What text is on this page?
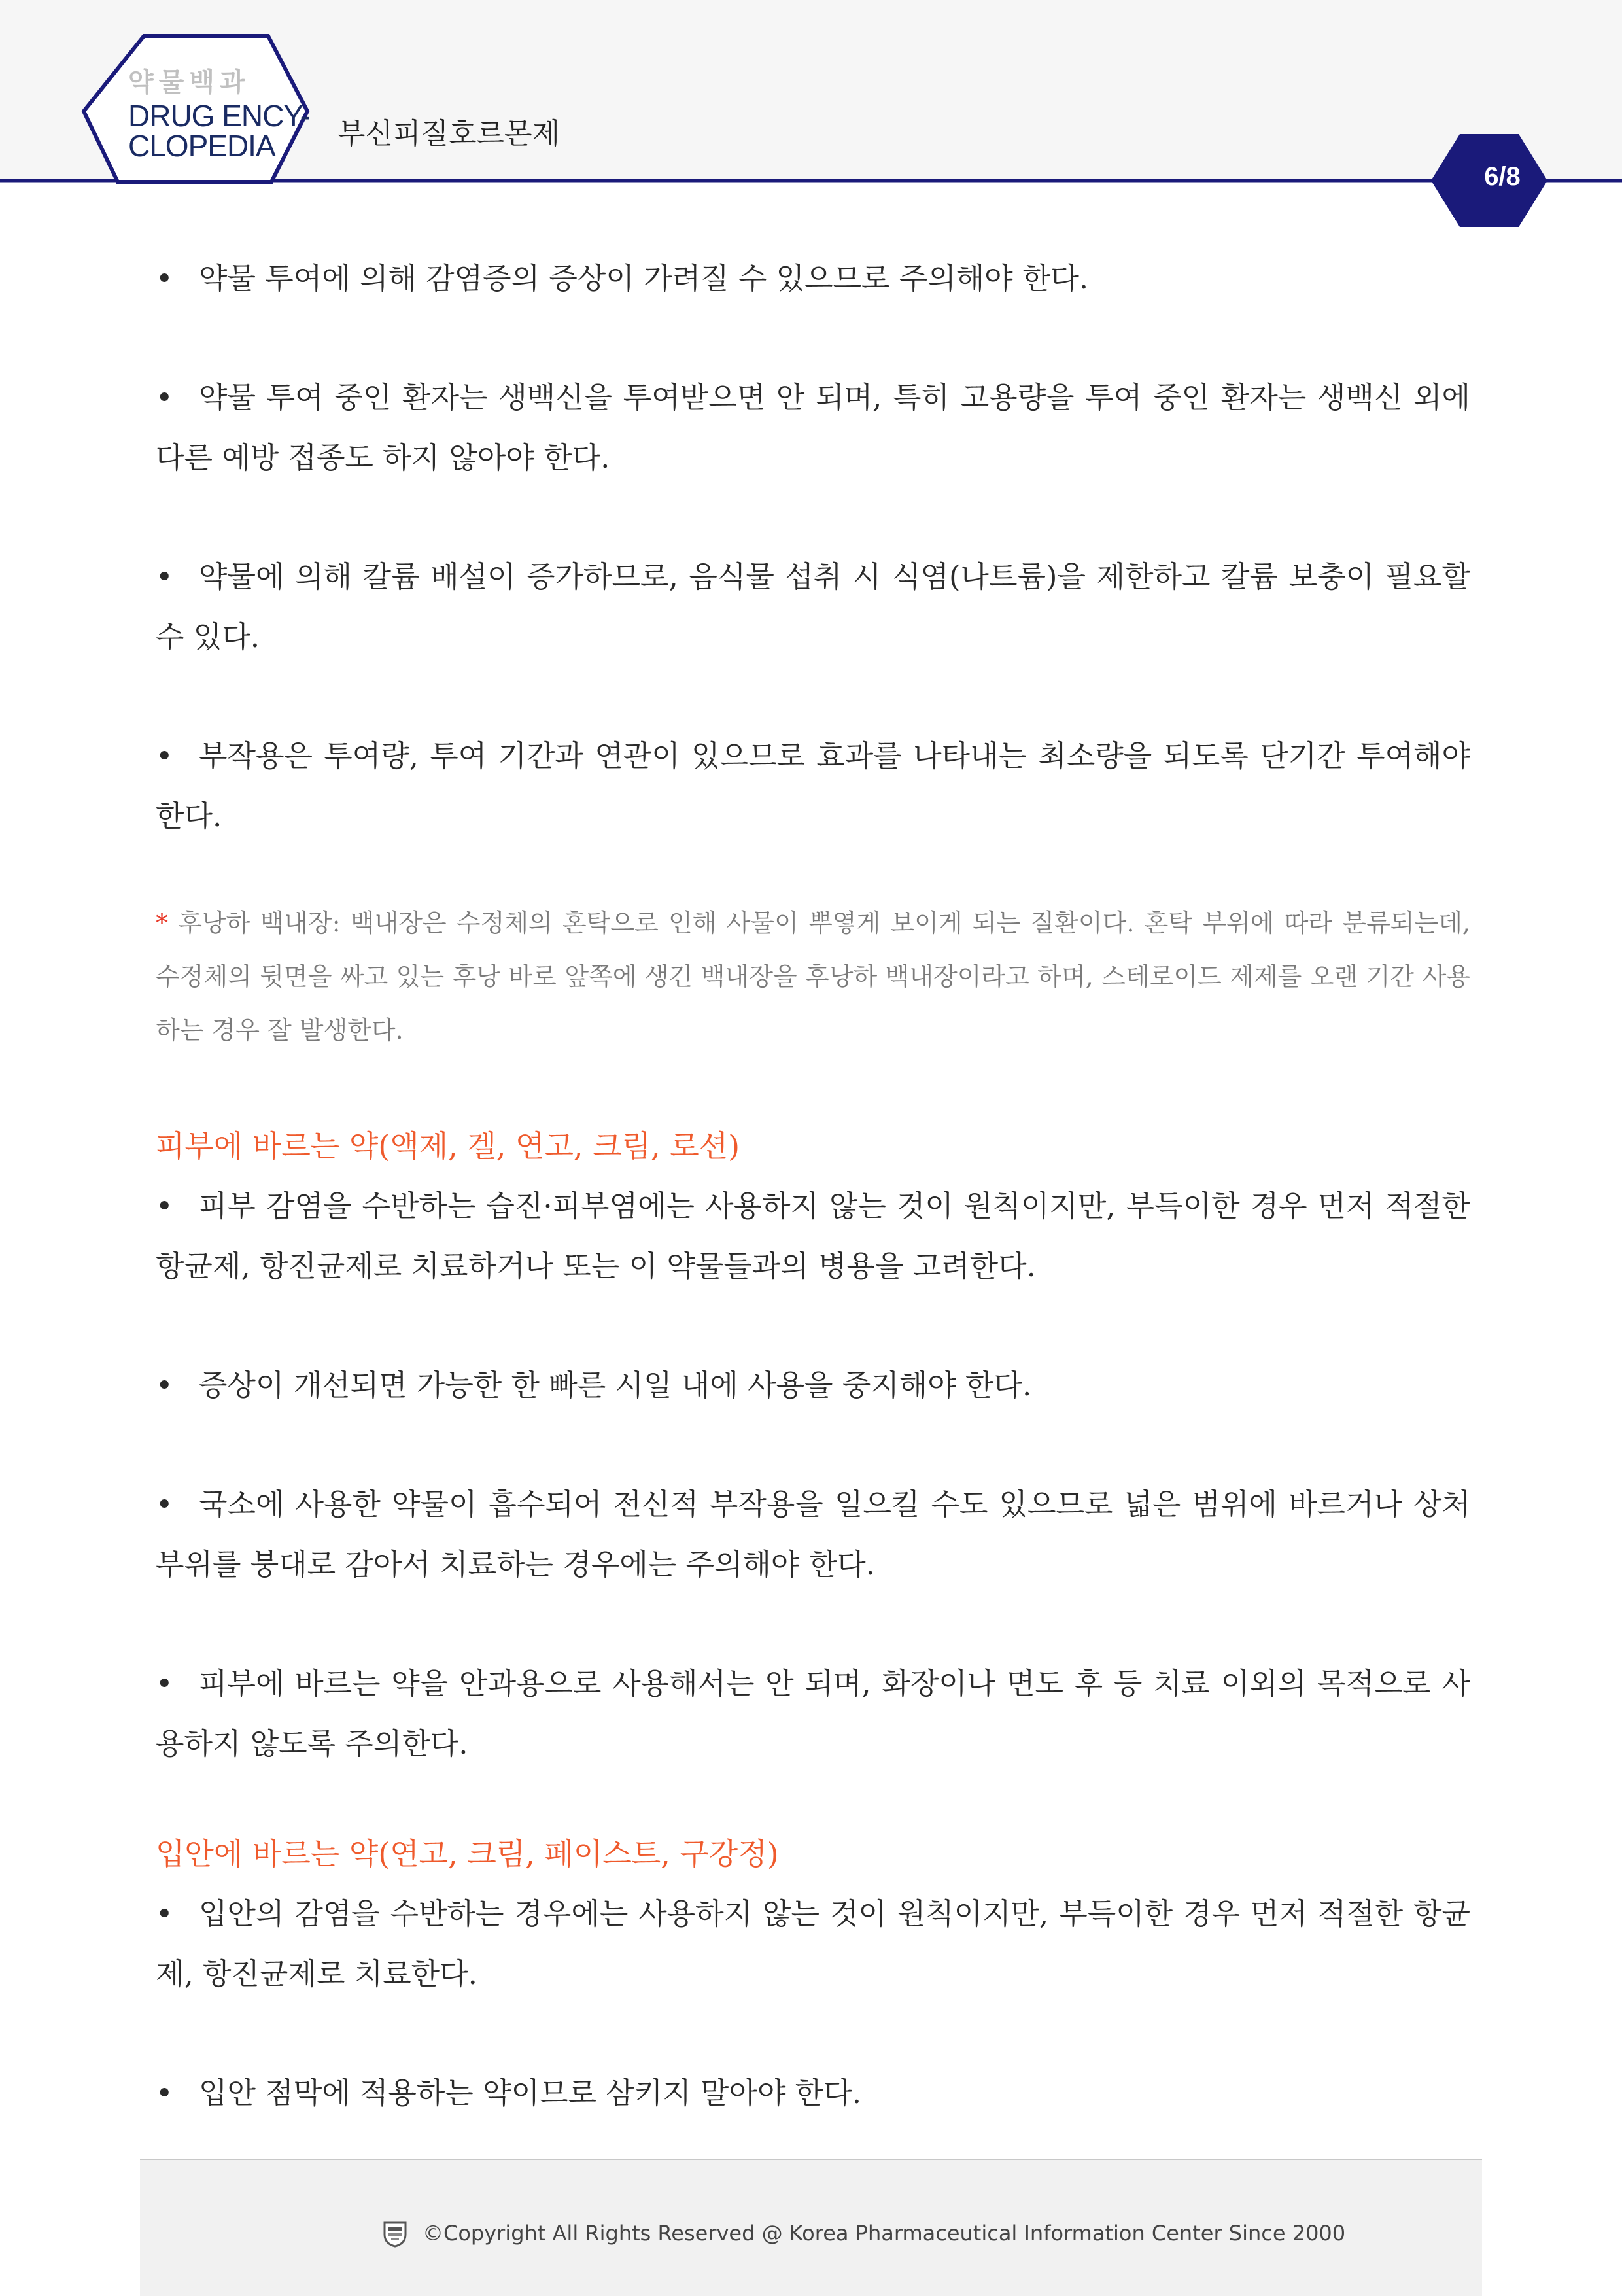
약물백과
DRUG ENCY-
CLOPEDIA	부신피질호르몬제
6/8

• 약물 투여에 의해 감염증의 증상이 가려질 수 있으므로 주의해야 한다.

• 약물 투여 중인 환자는 생백신을 투여받으면 안 되며, 특히 고용량을 투여 중인 환자는 생백신 외에 다른 예방 접종도 하지 않아야 한다.

• 약물에 의해 칼륨 배설이 증가하므로, 음식물 섭취 시 식염(나트륨)을 제한하고 칼륨 보충이 필요할 수 있다.

• 부작용은 투여량, 투여 기간과 연관이 있으므로 효과를 나타내는 최소량을 되도록 단기간 투여해야 한다.

* 후낭하 백내장: 백내장은 수정체의 혼탁으로 인해 사물이 뿌옇게 보이게 되는 질환이다. 혼탁 부위에 따라 분류되는데, 수정체의 뒷면을 싸고 있는 후낭 바로 앞쪽에 생긴 백내장을 후낭하 백내장이라고 하며, 스테로이드 제제를 오랜 기간 사용하는 경우 잘 발생한다.

피부에 바르는 약(액제, 겔, 연고, 크림, 로션)

• 피부 감염을 수반하는 습진·피부염에는 사용하지 않는 것이 원칙이지만, 부득이한 경우 먼저 적절한 항균제, 항진균제로 치료하거나 또는 이 약물들과의 병용을 고려한다.

• 증상이 개선되면 가능한 한 빠른 시일 내에 사용을 중지해야 한다.

• 국소에 사용한 약물이 흡수되어 전신적 부작용을 일으킬 수도 있으므로 넓은 범위에 바르거나 상처 부위를 붕대로 감아서 치료하는 경우에는 주의해야 한다.

• 피부에 바르는 약을 안과용으로 사용해서는 안 되며, 화장이나 면도 후 등 치료 이외의 목적으로 사용하지 않도록 주의한다.

입안에 바르는 약(연고, 크림, 페이스트, 구강정)

• 입안의 감염을 수반하는 경우에는 사용하지 않는 것이 원칙이지만, 부득이한 경우 먼저 적절한 항균제, 항진균제로 치료한다.

• 입안 점막에 적용하는 약이므로 삼키지 말아야 한다.

©Copyright All Rights Reserved @ Korea Pharmaceutical Information Center Since 2000
